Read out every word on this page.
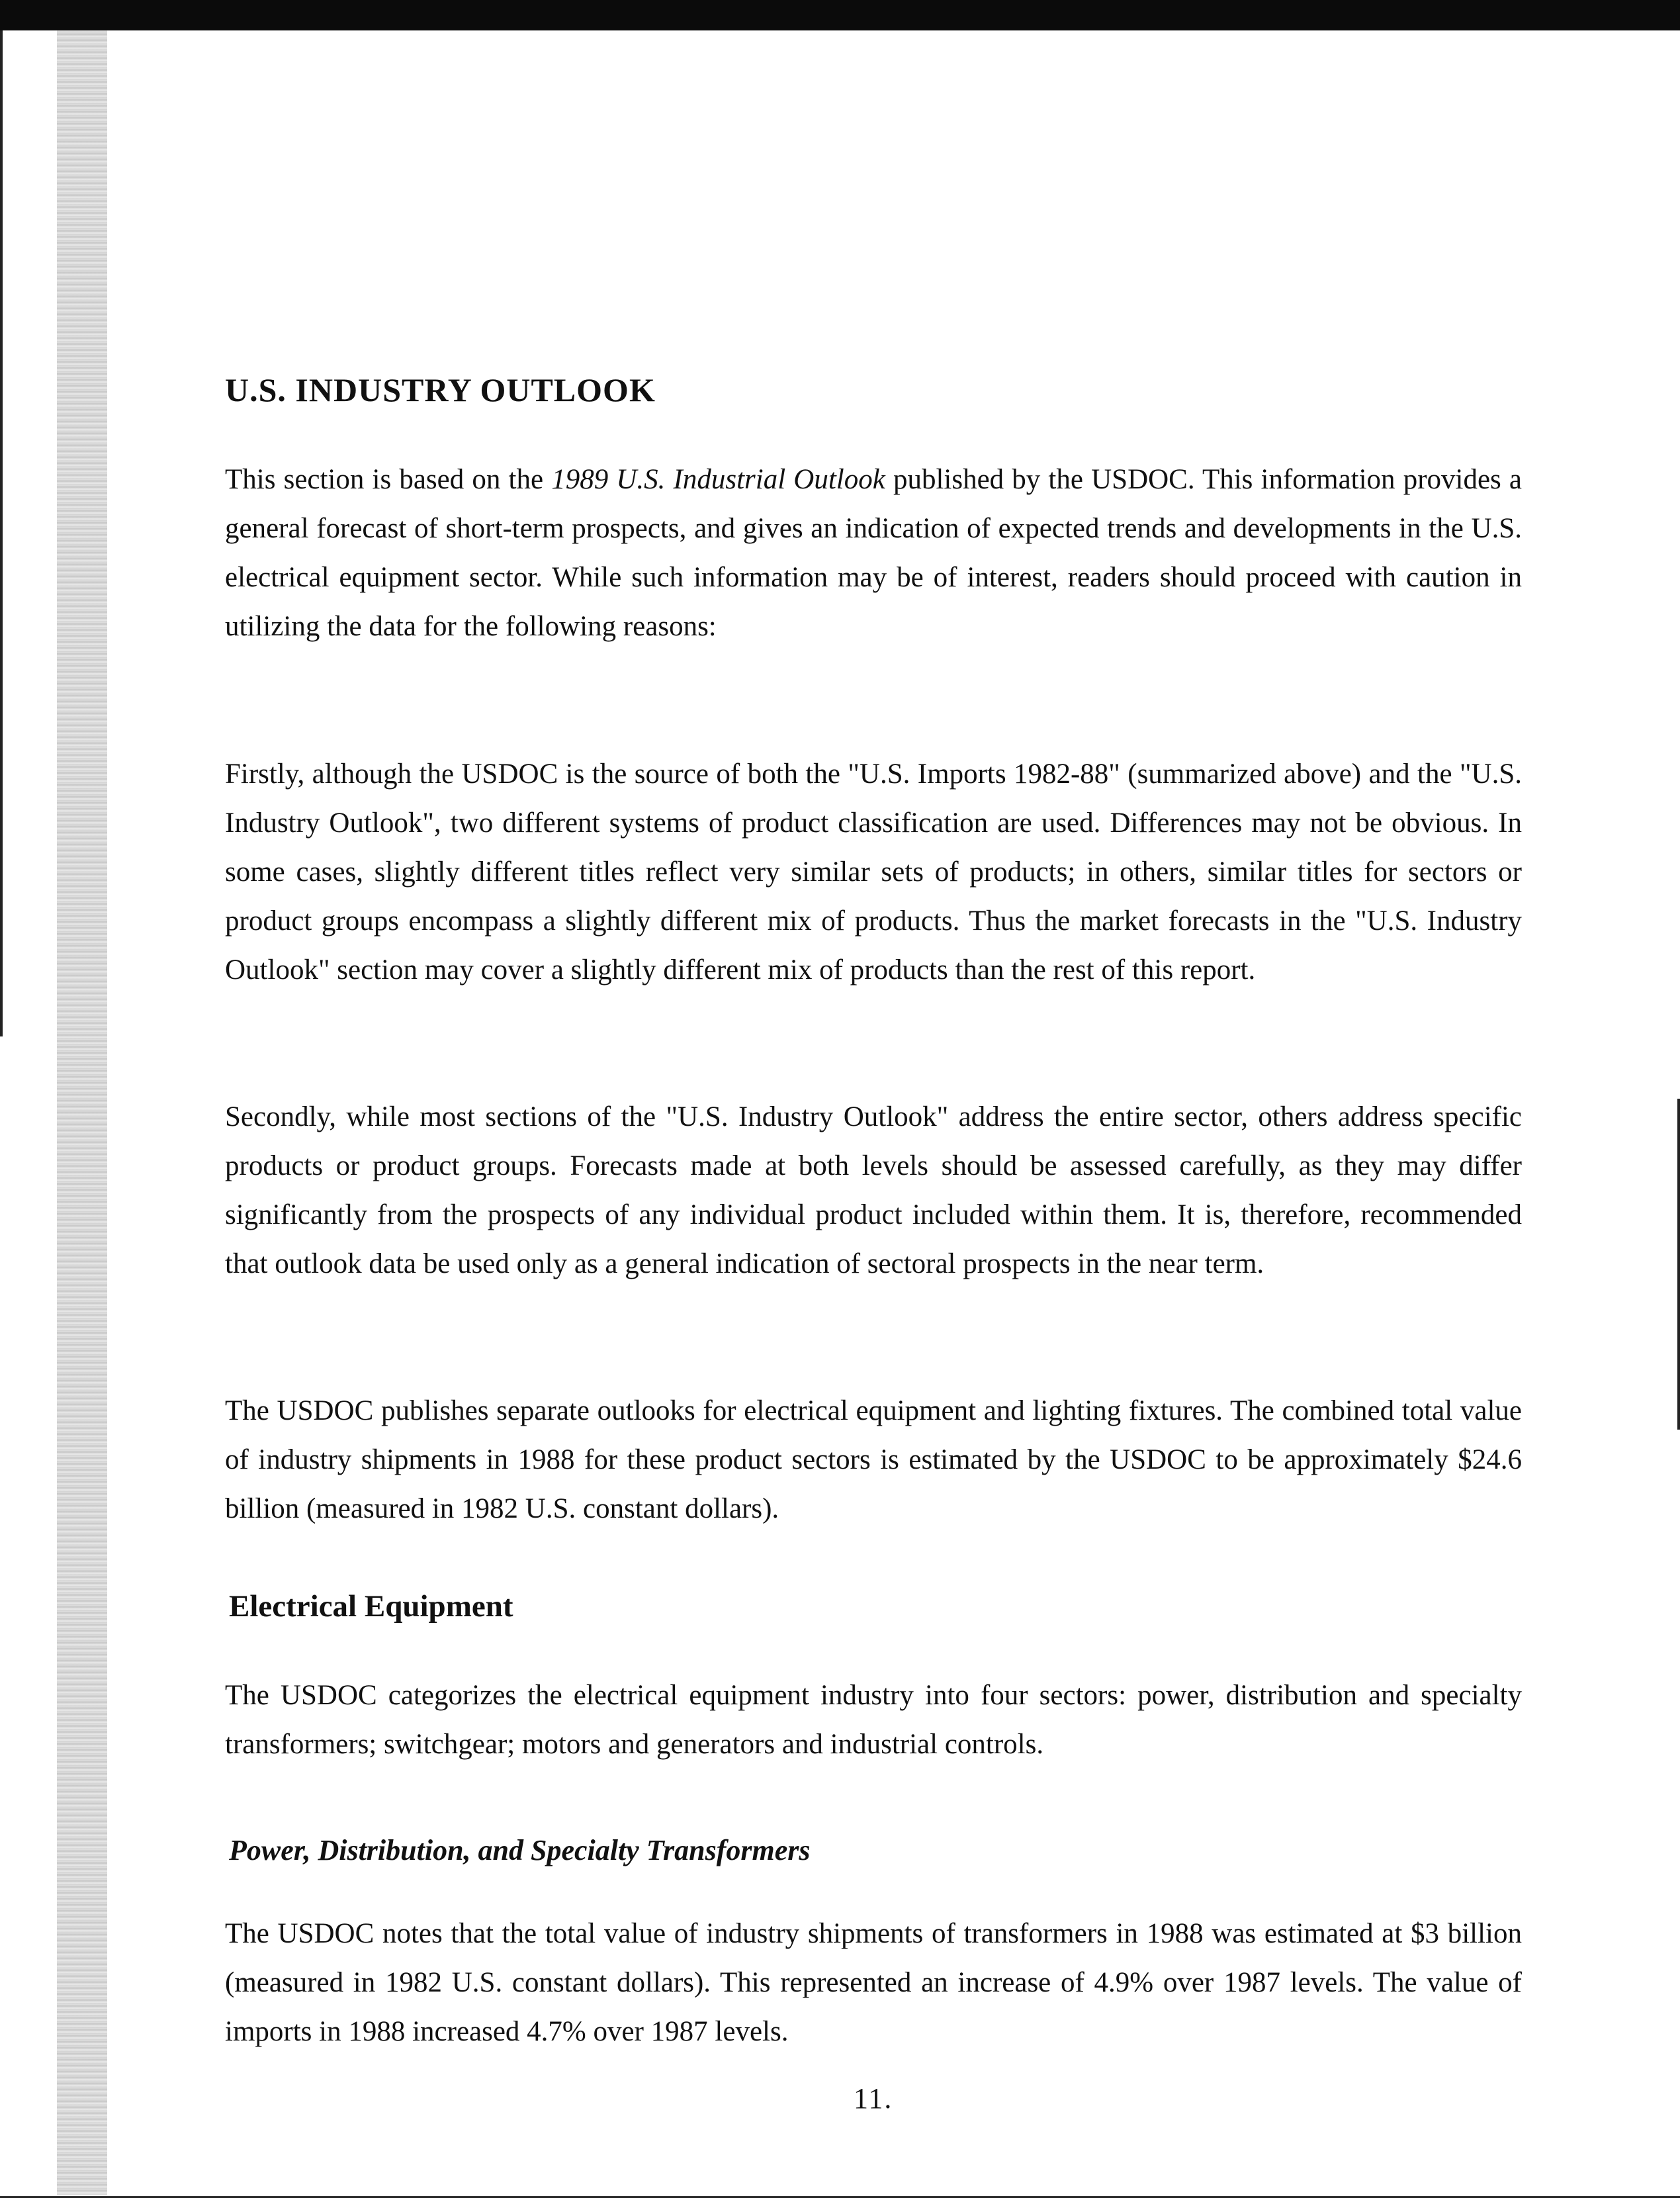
U.S. INDUSTRY OUTLOOK

This section is based on the 1989 U.S. Industrial Outlook published by the USDOC. This information provides a general forecast of short-term prospects, and gives an indication of expected trends and developments in the U.S. electrical equipment sector. While such information may be of interest, readers should proceed with caution in utilizing the data for the following reasons:

Firstly, although the USDOC is the source of both the "U.S. Imports 1982-88" (summarized above) and the "U.S. Industry Outlook", two different systems of product classification are used. Differences may not be obvious. In some cases, slightly different titles reflect very similar sets of products; in others, similar titles for sectors or product groups encompass a slightly different mix of products. Thus the market forecasts in the "U.S. Industry Outlook" section may cover a slightly different mix of products than the rest of this report.

Secondly, while most sections of the "U.S. Industry Outlook" address the entire sector, others address specific products or product groups. Forecasts made at both levels should be assessed carefully, as they may differ significantly from the prospects of any individual product included within them. It is, therefore, recommended that outlook data be used only as a general indication of sectoral prospects in the near term.

The USDOC publishes separate outlooks for electrical equipment and lighting fixtures. The combined total value of industry shipments in 1988 for these product sectors is estimated by the USDOC to be approximately $24.6 billion (measured in 1982 U.S. constant dollars).

Electrical Equipment

The USDOC categorizes the electrical equipment industry into four sectors: power, distribution and specialty transformers; switchgear; motors and generators and industrial controls.

Power, Distribution, and Specialty Transformers

The USDOC notes that the total value of industry shipments of transformers in 1988 was estimated at $3 billion (measured in 1982 U.S. constant dollars). This represented an increase of 4.9% over 1987 levels. The value of imports in 1988 increased 4.7% over 1987 levels.

11.
